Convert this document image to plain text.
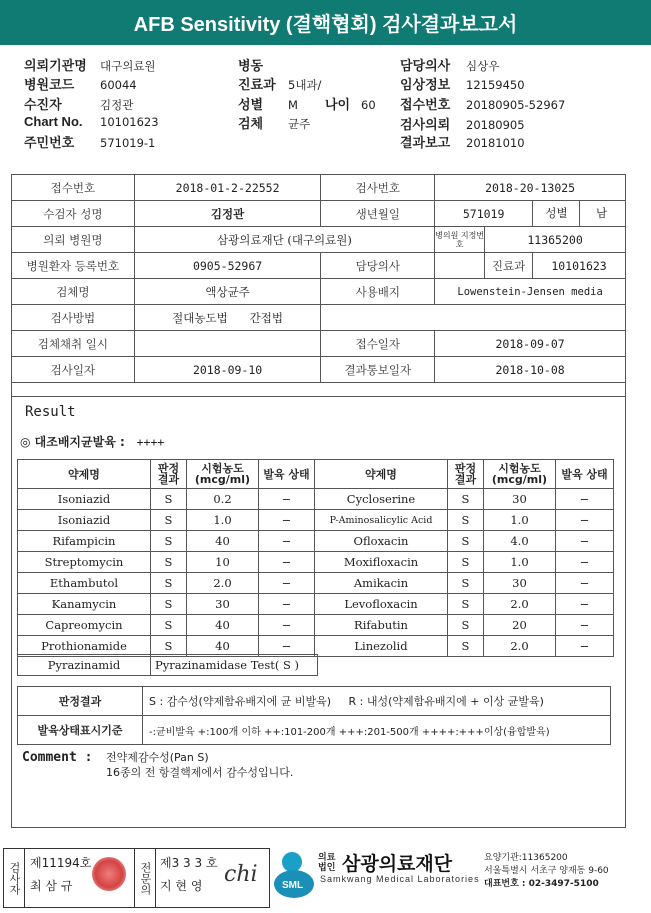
AFB Sensitivity (결핵협회) 검사결과보고서
의뢰기관명 대구의료원
병원코드 60044
수진자	김정관
Chart No. 10101623
주민번호 571019-1
병동
진료과 5내과/
성별 M 나이 60
검체 균주
담당의사 심상우
임상정보 12159450
접수번호 20180905-52967
검사의뢰 20180905
결과보고 20181010
접수번호	2018-01-2-22552	검사번호	2018-20-13025		
수검자 성명	김정관	생년월일	571019		성별 남
의뢰 병원명	삼광의료재단 (대구의료원)		병의원 지정번호	11365200	
병원환자 등록번호	0905-52967	담당의사		진료과	10101623
검체명	액상균주	사용배지	Lowenstein-Jensen media		
검사방법	절대농도법 간접법				
검체채취 일시		접수일자	2018-09-07		
검사일자	2018-09-10	결과통보일자	2018-10-08		
Result
◎ 대조배지균발육 : ++++
약제명	판정 결과	시험농도 (mcg/ml)	발육 상태	약제명	판정 결과	시험농도 (mcg/ml)	발육 상태
Isoniazid	S	0.2	−	Cycloserine	S	30	−
Isoniazid	S	1.0	−	P-Aminosalicylic Acid	S	1.0	−
Rifampicin	S	40	−	Ofloxacin	S	4.0	−
Streptomycin	S	10	−	Moxifloxacin	S	1.0	−
Ethambutol	S	2.0	−	Amikacin	S	30	−
Kanamycin	S	30	−	Levofloxacin	S	2.0	−
Capreomycin	S	40	−	Rifabutin	S	20	−
Prothionamide	S	40	−	Linezolid	S	2.0	−
Pyrazinamid	Pyrazinamidase Test( S )
판정결과	S : 감수성(약제함유배지에 균 비발육) R : 내성(약제함유배지에 + 이상 균발육)
발육상태표시기준	-:균비발육 +:100개 이하 ++:101-200개 +++:201-500개 ++++:+++이상(융합발육)
Comment : 전약제감수성(Pan S)
16종의 전 항결핵제에서 감수성입니다.
검사자 제11194호
최 삼 규	전문의 제3 3 3 호
지 현 영 chi SML
의료 법인 삼광의료재단
Samkwang Medical Laboratories
요양기관:11365200
서울특별시 서초구 양재동 9-60
대표번호 : 02-3497-5100
